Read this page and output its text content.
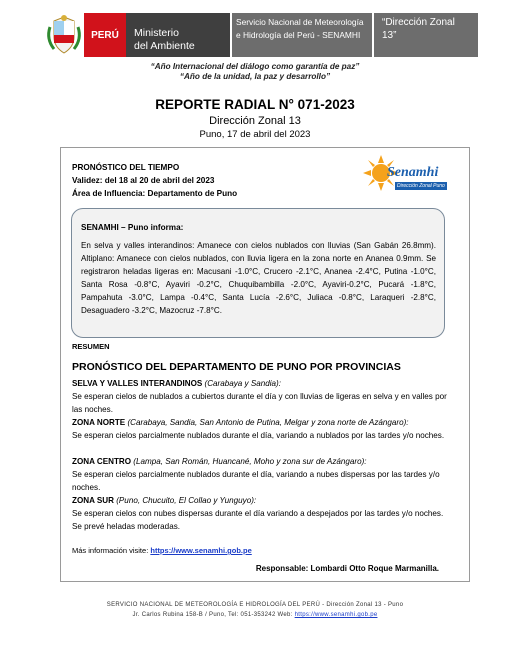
PERÚ	Ministerio
del Ambiente
Servicio Nacional de Meteorología e Hidrología del Perú - SENAMHI
“Dirección Zonal 13”
“Año Internacional del diálogo como garantía de paz”
“Año de la unidad, la paz y desarrollo”
REPORTE RADIAL N° 071-2023
Dirección Zonal 13
Puno, 17 de abril del 2023
PRONÓSTICO DEL TIEMPO
Validez: del 18 al 20 de abril del 2023
Área de Influencia: Departamento de Puno
Senamhi
Dirección Zonal Puno
SENAMHI – Puno informa:
En selva y valles interandinos: Amanece con cielos nublados con lluvias (San Gabán 26.8mm). Altiplano: Amanece con cielos nublados, con lluvia ligera en la zona norte en Ananea 0.9mm. Se registraron heladas ligeras en: Macusani -1.0°C, Crucero -2.1°C, Ananea -2.4°C, Putina -1.0°C, Santa Rosa -0.8°C, Ayaviri -0.2°C, Chuquibambilla -2.0°C, Ayaviri-0.2°C, Pucará -1.8°C, Pampahuta -3.0°C, Lampa -0.4°C, Santa Lucía -2.6°C, Juliaca -0.8°C, Laraqueri -2.8°C, Desaguadero -3.2°C, Mazocruz -7.8°C.
RESUMEN
PRONÓSTICO DEL DEPARTAMENTO DE PUNO POR PROVINCIAS
SELVA Y VALLES INTERANDINOS (Carabaya y Sandia):
Se esperan cielos de nublados a cubiertos durante el día y con lluvias de ligeras en selva y en valles por las noches.
ZONA NORTE (Carabaya, Sandia, San Antonio de Putina, Melgar y zona norte de Azángaro):
Se esperan cielos parcialmente nublados durante el día, variando a nublados por las tardes y/o noches.
ZONA CENTRO (Lampa, San Román, Huancané, Moho y zona sur de Azángaro):
Se esperan cielos parcialmente nublados durante el día, variando a nubes dispersas por las tardes y/o noches.
ZONA SUR (Puno, Chucuito, El Collao y Yunguyo):
Se esperan cielos con nubes dispersas durante el día variando a despejados por las tardes y/o noches. Se prevé heladas moderadas.
Más información visite: https://www.senamhi.gob.pe
Responsable: Lombardi Otto Roque Marmanilla.
SERVICIO NACIONAL DE METEOROLOGÍA E HIDROLOGÍA DEL PERÚ - Dirección Zonal 13 - Puno
Jr. Carlos Rubina 158-B / Puno, Tel: 051-353242 Web: https://www.senamhi.gob.pe
